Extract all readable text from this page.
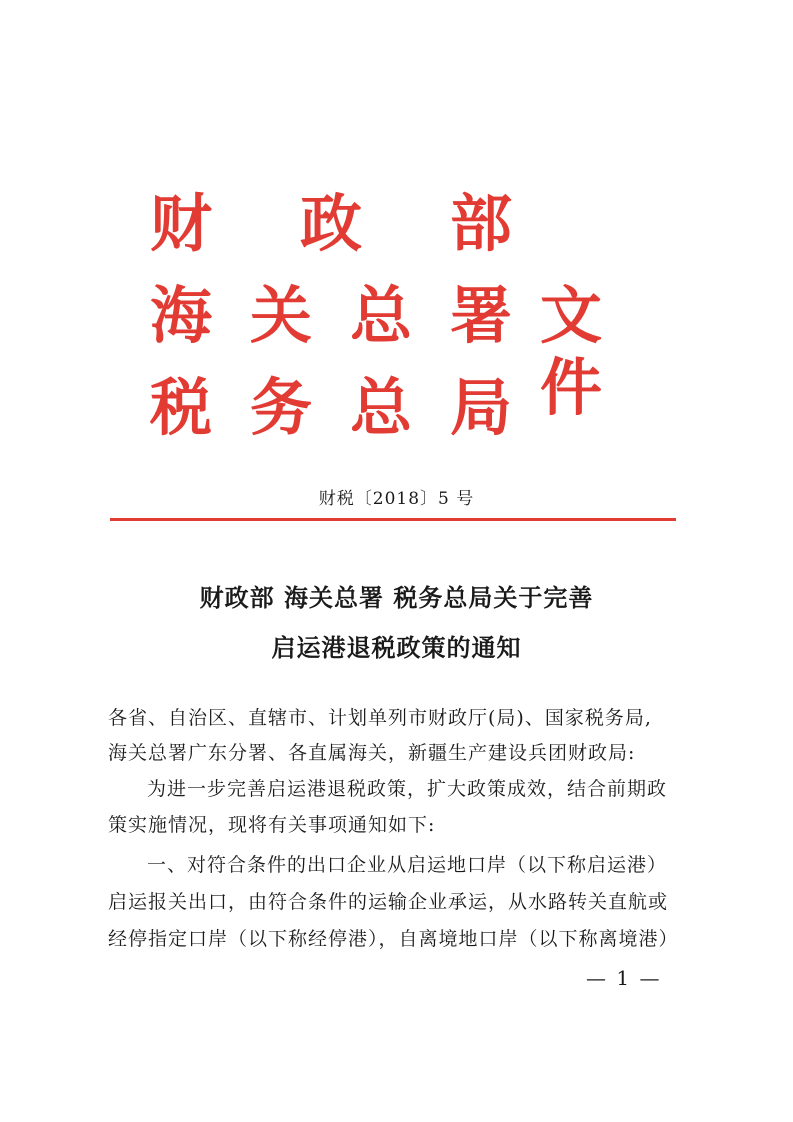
财 政 部
海 关 总 署 文件
税 务 总 局
财税〔2018〕5 号
财政部 海关总署 税务总局关于完善
启运港退税政策的通知
各省、自治区、直辖市、计划单列市财政厅(局)、国家税务局,
海关总署广东分署、各直属海关，新疆生产建设兵团财政局:
为进一步完善启运港退税政策，扩大政策成效，结合前期政
策实施情况，现将有关事项通知如下:
一、对符合条件的出口企业从启运地口岸（以下称启运港）
启运报关出口，由符合条件的运输企业承运，从水路转关直航或
经停指定口岸（以下称经停港），自离境地口岸（以下称离境港）
— 1 —
